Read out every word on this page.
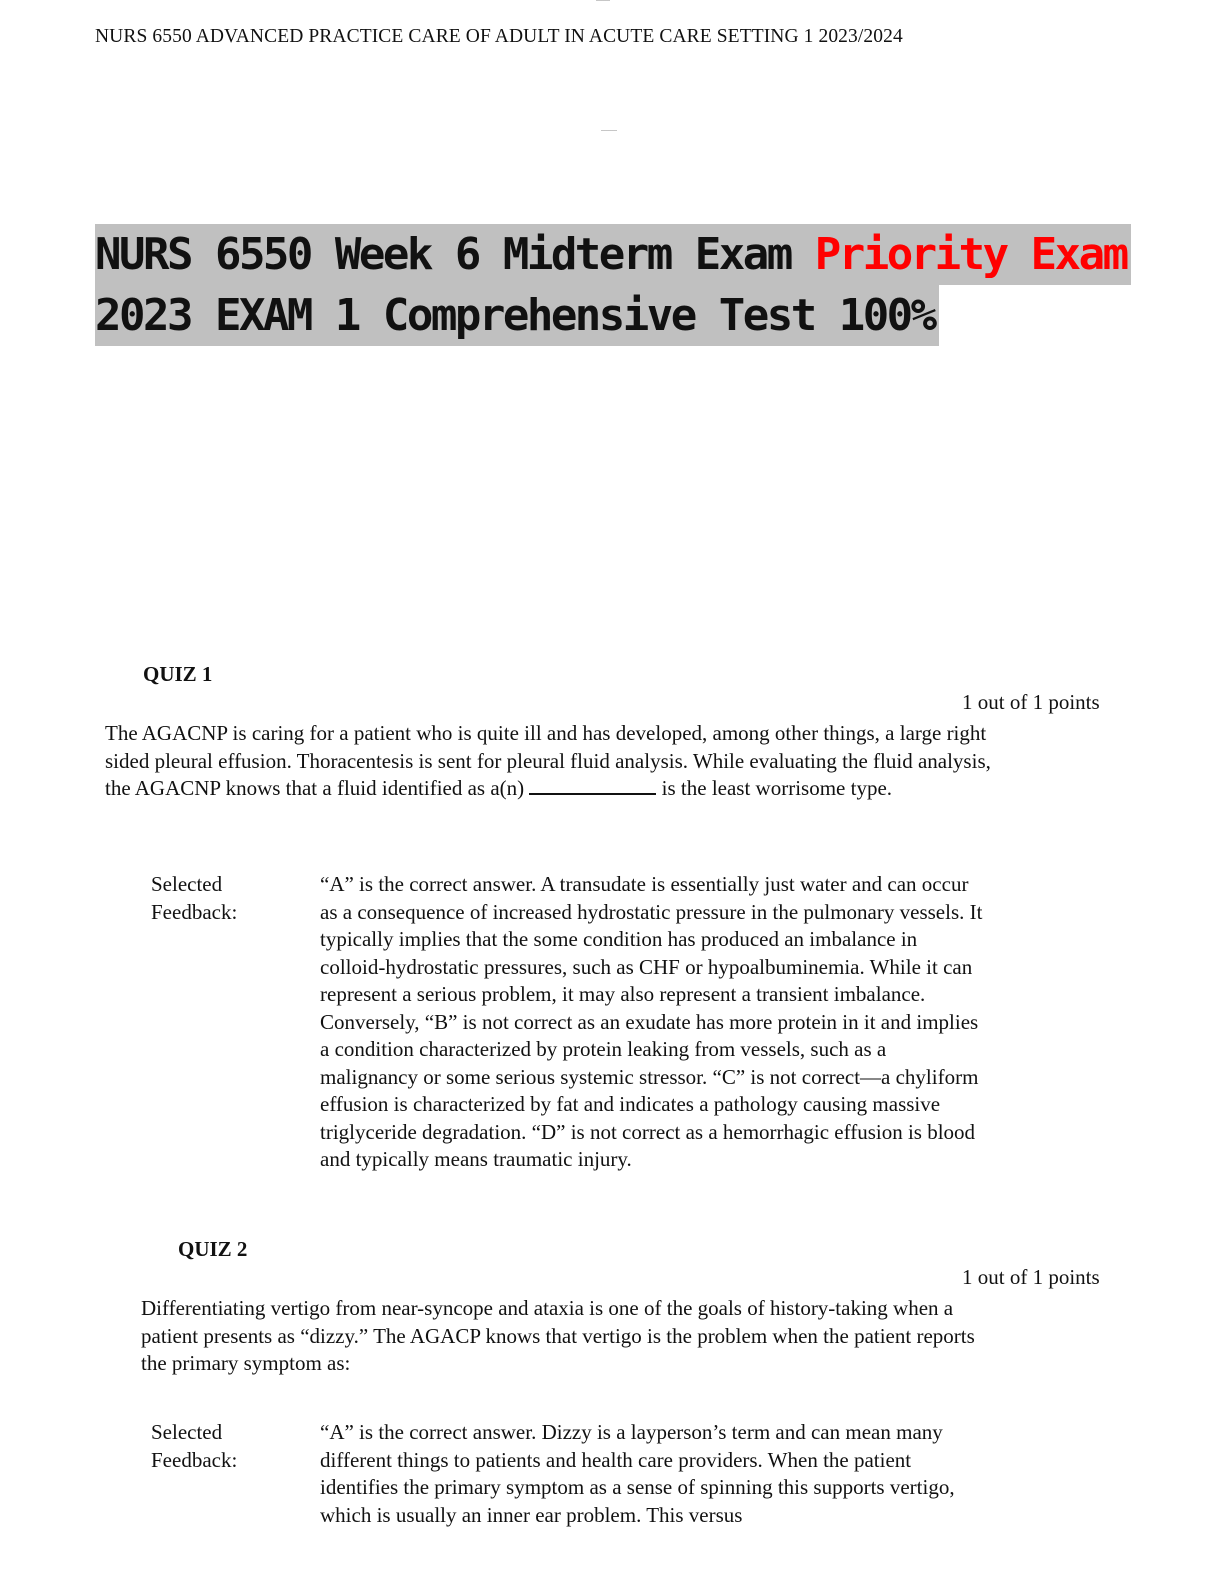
-------
NURS 6550 ADVANCED PRACTICE CARE OF ADULT IN ACUTE CARE SETTING 1 2023/2024
--------
NURS 6550 Week 6 Midterm Exam Priority Exam
2023 EXAM 1 Comprehensive Test 100%
QUIZ 1
1 out of 1 points
The AGACNP is caring for a patient who is quite ill and has developed, among other things, a large right sided pleural effusion. Thoracentesis is sent for pleural fluid analysis. While evaluating the fluid analysis, the AGACNP knows that a fluid identified as a(n)	is the least worrisome type.
Selected
Feedback:
“A” is the correct answer. A transudate is essentially just water and can occur as a consequence of increased hydrostatic pressure in the pulmonary vessels. It typically implies that the some condition has produced an imbalance in colloid-hydrostatic pressures, such as CHF or hypoalbuminemia. While it can represent a serious problem, it may also represent a transient imbalance. Conversely, “B” is not correct as an exudate has more protein in it and implies a condition characterized by protein leaking from vessels, such as a malignancy or some serious systemic stressor. “C” is not correct—a chyliform effusion is characterized by fat and indicates a pathology causing massive triglyceride degradation. “D” is not correct as a hemorrhagic effusion is blood and typically means traumatic injury.
QUIZ 2
1 out of 1 points
Differentiating vertigo from near-syncope and ataxia is one of the goals of history-taking when a patient presents as “dizzy.” The AGACP knows that vertigo is the problem when the patient reports the primary symptom as:
Selected
Feedback:
“A” is the correct answer. Dizzy is a layperson’s term and can mean many different things to patients and health care providers. When the patient identifies the primary symptom as a sense of spinning this supports vertigo, which is usually an inner ear problem. This versus
